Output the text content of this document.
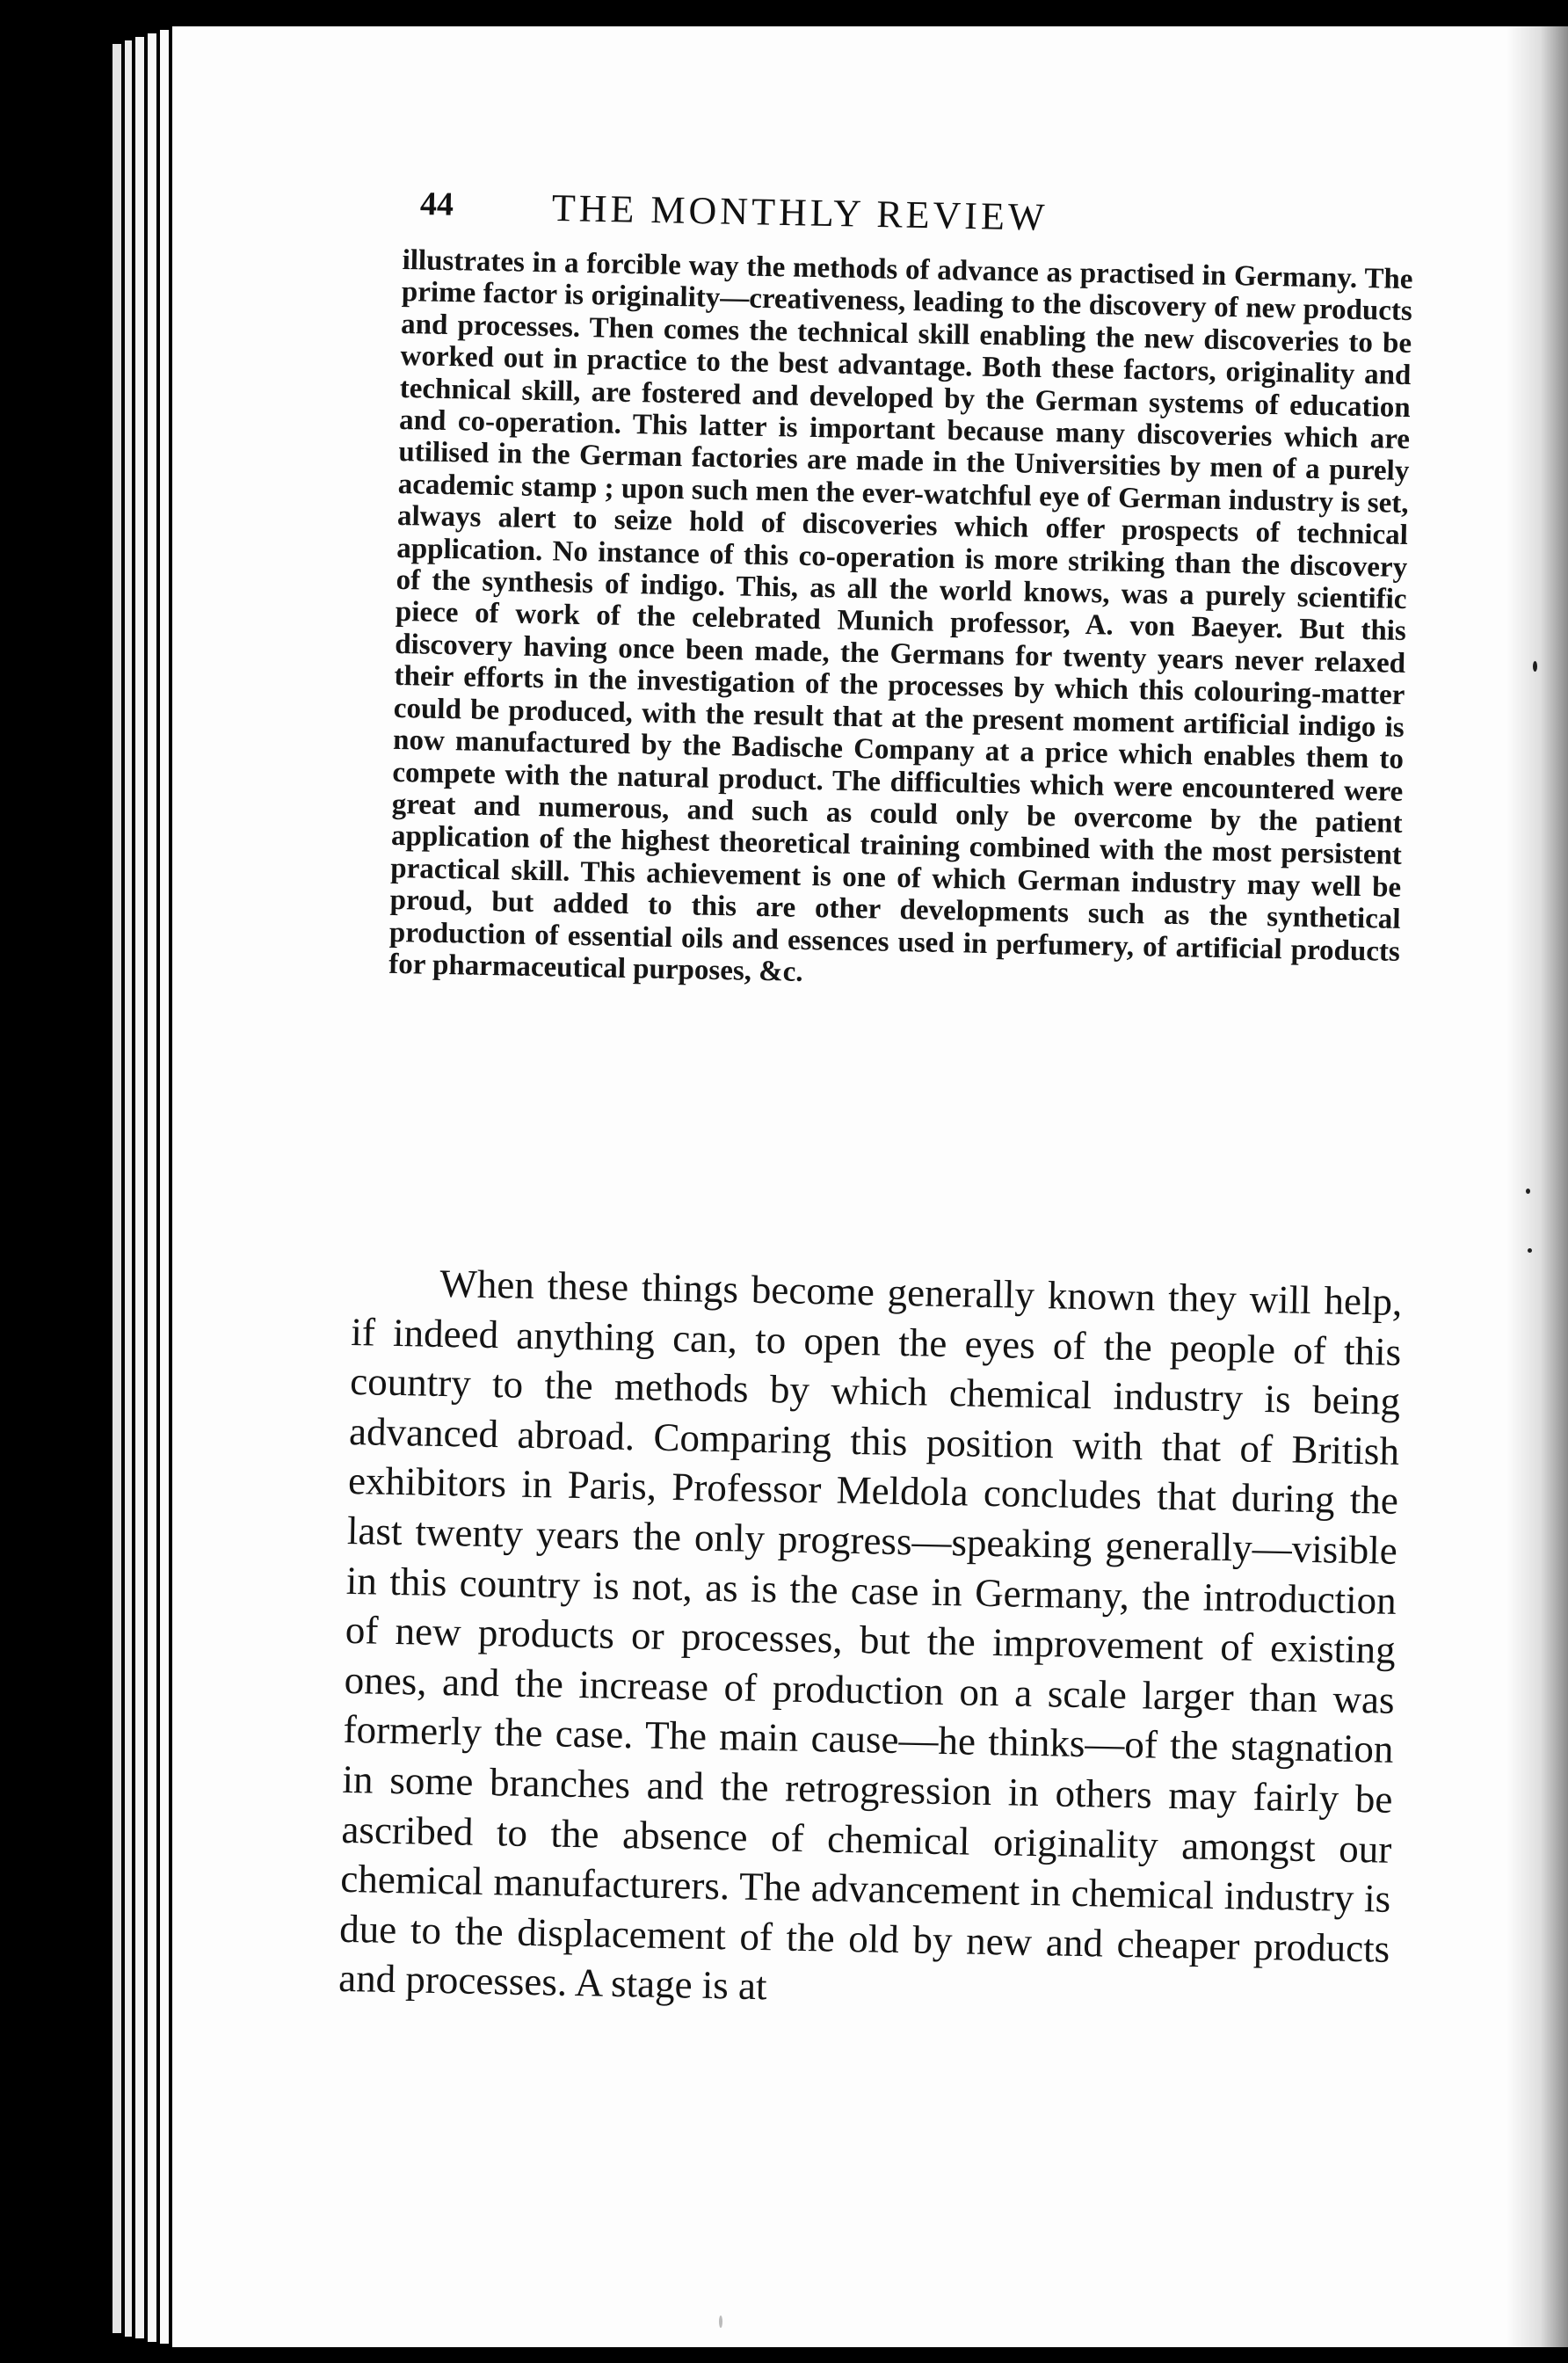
44	THE MONTHLY REVIEW

illustrates in a forcible way the methods of advance as practised in Germany. The prime factor is originality—creativeness, leading to the discovery of new products and processes. Then comes the technical skill enabling the new discoveries to be worked out in practice to the best advantage. Both these factors, originality and technical skill, are fostered and developed by the German systems of education and co-operation. This latter is important because many discoveries which are utilised in the German factories are made in the Universities by men of a purely academic stamp ; upon such men the ever-watchful eye of German industry is set, always alert to seize hold of discoveries which offer prospects of technical application. No instance of this co-operation is more striking than the discovery of the synthesis of indigo. This, as all the world knows, was a purely scientific piece of work of the celebrated Munich professor, A. von Baeyer. But this discovery having once been made, the Germans for twenty years never relaxed their efforts in the investigation of the processes by which this colouring-matter could be produced, with the result that at the present moment artificial indigo is now manufactured by the Badische Company at a price which enables them to compete with the natural product. The difficulties which were encountered were great and numerous, and such as could only be overcome by the patient application of the highest theoretical training combined with the most persistent practical skill. This achievement is one of which German industry may well be proud, but added to this are other developments such as the synthetical production of essential oils and essences used in perfumery, of artificial products for pharmaceutical purposes, &c.

When these things become generally known they will help, if indeed anything can, to open the eyes of the people of this country to the methods by which chemical industry is being advanced abroad. Comparing this position with that of British exhibitors in Paris, Professor Meldola concludes that during the last twenty years the only progress—speaking generally—visible in this country is not, as is the case in Germany, the introduction of new products or processes, but the improvement of existing ones, and the increase of production on a scale larger than was formerly the case. The main cause—he thinks—of the stagnation in some branches and the retrogression in others may fairly be ascribed to the absence of chemical originality amongst our chemical manufacturers. The advancement in chemical industry is due to the displacement of the old by new and cheaper products and processes. A stage is at
